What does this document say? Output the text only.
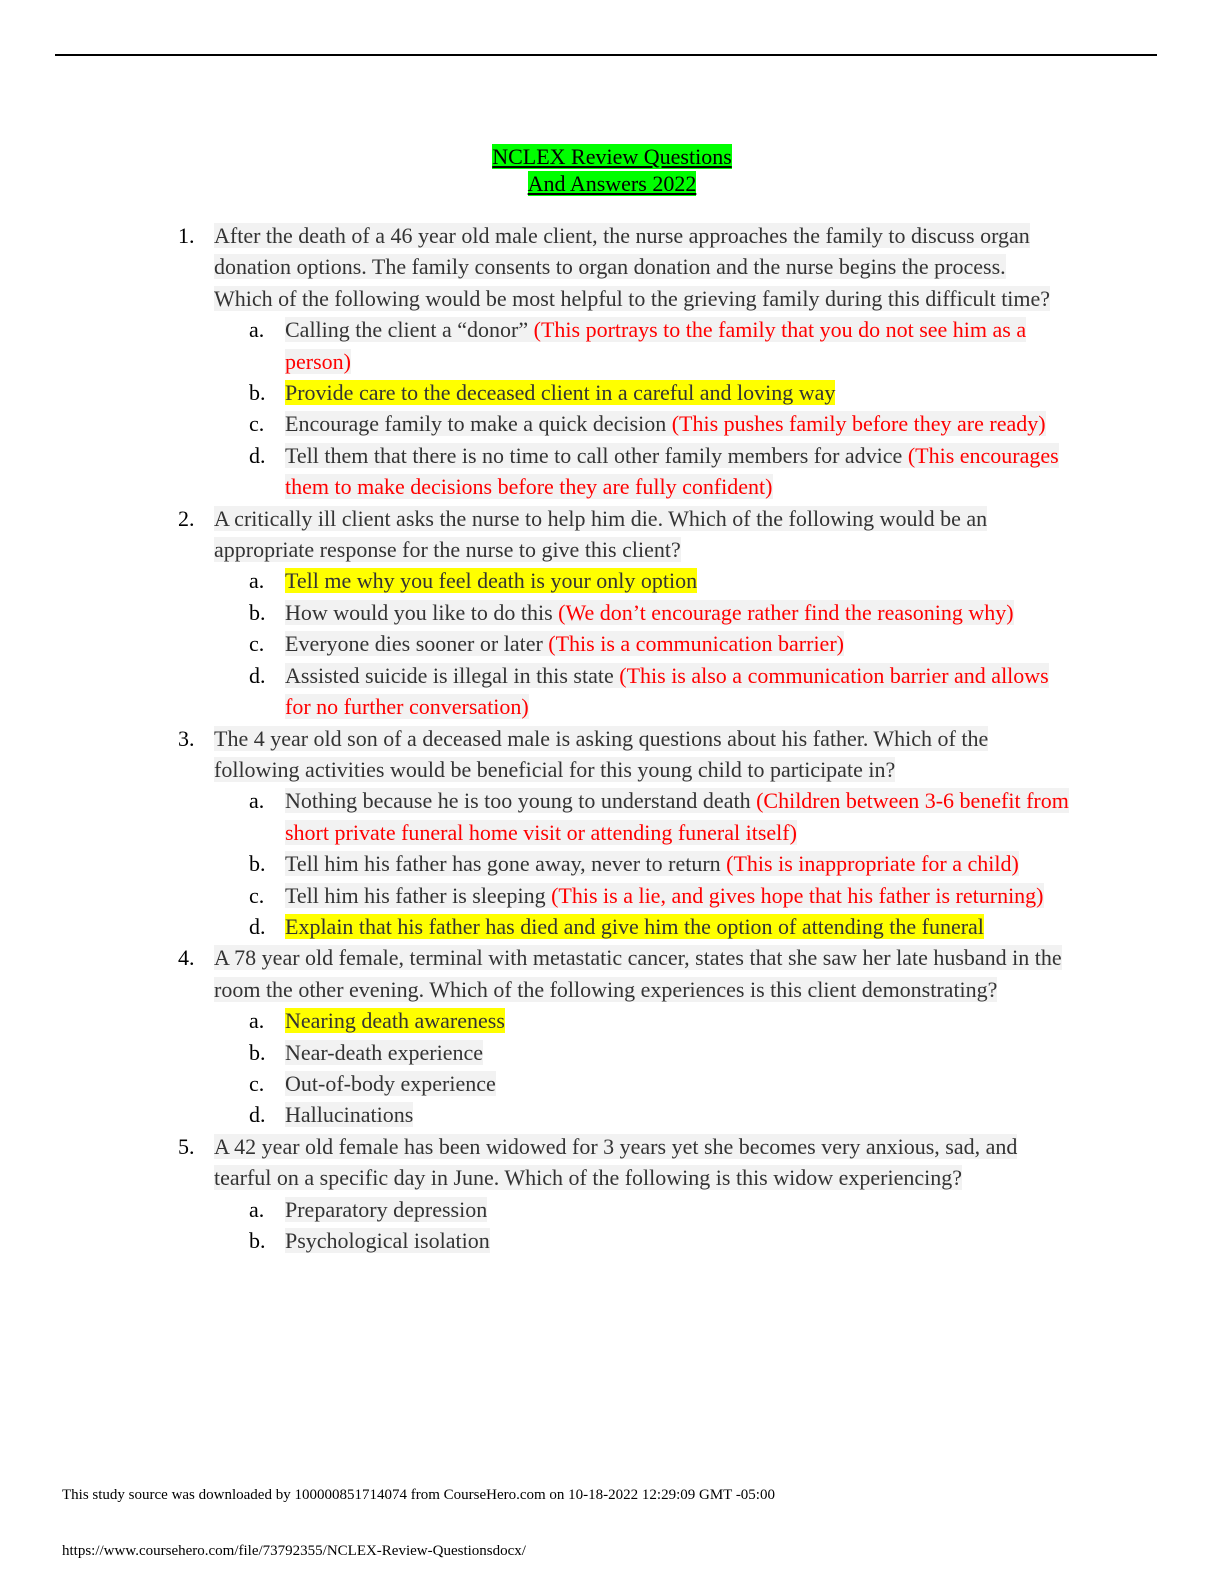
NCLEX Review Questions
And Answers 2022
1. After the death of a 46 year old male client, the nurse approaches the family to discuss organ donation options. The family consents to organ donation and the nurse begins the process. Which of the following would be most helpful to the grieving family during this difficult time?
a. Calling the client a “donor” (This portrays to the family that you do not see him as a person)
b. Provide care to the deceased client in a careful and loving way
c. Encourage family to make a quick decision (This pushes family before they are ready)
d. Tell them that there is no time to call other family members for advice (This encourages them to make decisions before they are fully confident)
2. A critically ill client asks the nurse to help him die. Which of the following would be an appropriate response for the nurse to give this client?
a. Tell me why you feel death is your only option
b. How would you like to do this (We don’t encourage rather find the reasoning why)
c. Everyone dies sooner or later (This is a communication barrier)
d. Assisted suicide is illegal in this state (This is also a communication barrier and allows for no further conversation)
3. The 4 year old son of a deceased male is asking questions about his father. Which of the following activities would be beneficial for this young child to participate in?
a. Nothing because he is too young to understand death (Children between 3-6 benefit from short private funeral home visit or attending funeral itself)
b. Tell him his father has gone away, never to return (This is inappropriate for a child)
c. Tell him his father is sleeping (This is a lie, and gives hope that his father is returning)
d. Explain that his father has died and give him the option of attending the funeral
4. A 78 year old female, terminal with metastatic cancer, states that she saw her late husband in the room the other evening. Which of the following experiences is this client demonstrating?
a. Nearing death awareness
b. Near-death experience
c. Out-of-body experience
d. Hallucinations
5. A 42 year old female has been widowed for 3 years yet she becomes very anxious, sad, and tearful on a specific day in June. Which of the following is this widow experiencing?
a. Preparatory depression
b. Psychological isolation
This study source was downloaded by 100000851714074 from CourseHero.com on 10-18-2022 12:29:09 GMT -05:00
https://www.coursehero.com/file/73792355/NCLEX-Review-Questionsdocx/
